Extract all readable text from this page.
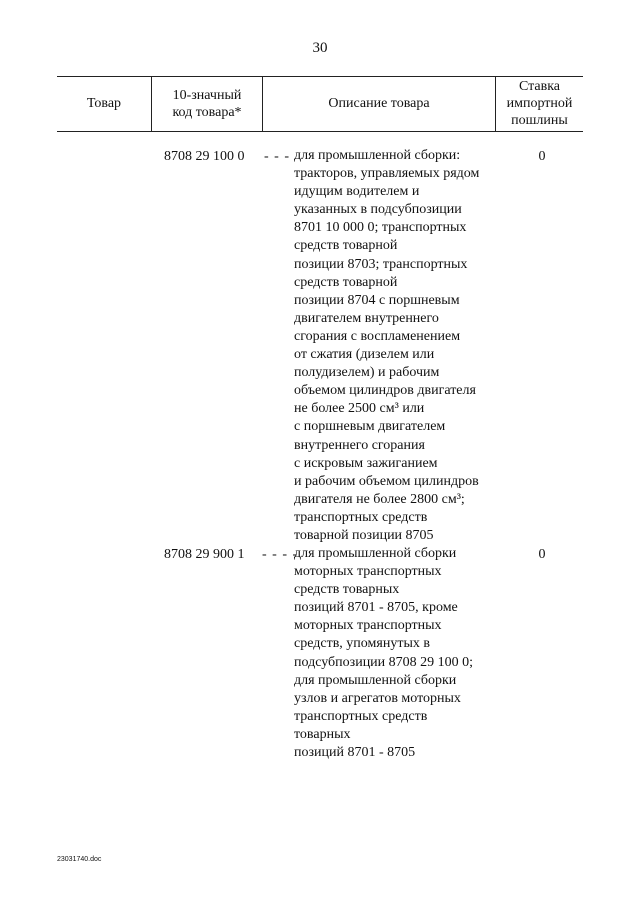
30
Товар
10-значный
код товара*
Описание товара
Ставка
импортной
пошлины
8708 29 100 0 - - - для промышленной сборки:
тракторов, управляемых рядом
идущим водителем и
указанных в подсубпозиции
8701 10 000 0; транспортных
средств товарной
позиции 8703; транспортных
средств товарной
позиции 8704 с поршневым
двигателем внутреннего
сгорания с воспламенением
от сжатия (дизелем или
полудизелем) и рабочим
объемом цилиндров двигателя
не более 2500 см³ или
с поршневым двигателем
внутреннего сгорания
с искровым зажиганием
и рабочим объемом цилиндров
двигателя не более 2800 см³;
транспортных средств
товарной позиции 8705
0
8708 29 900 1 - - - -
для промышленной сборки
моторных транспортных
средств товарных
позиций 8701 - 8705, кроме
моторных транспортных
средств, упомянутых в
подсубпозиции 8708 29 100 0;
для промышленной сборки
узлов и агрегатов моторных
транспортных средств
товарных
позиций 8701 - 8705
0
23031740.doc
